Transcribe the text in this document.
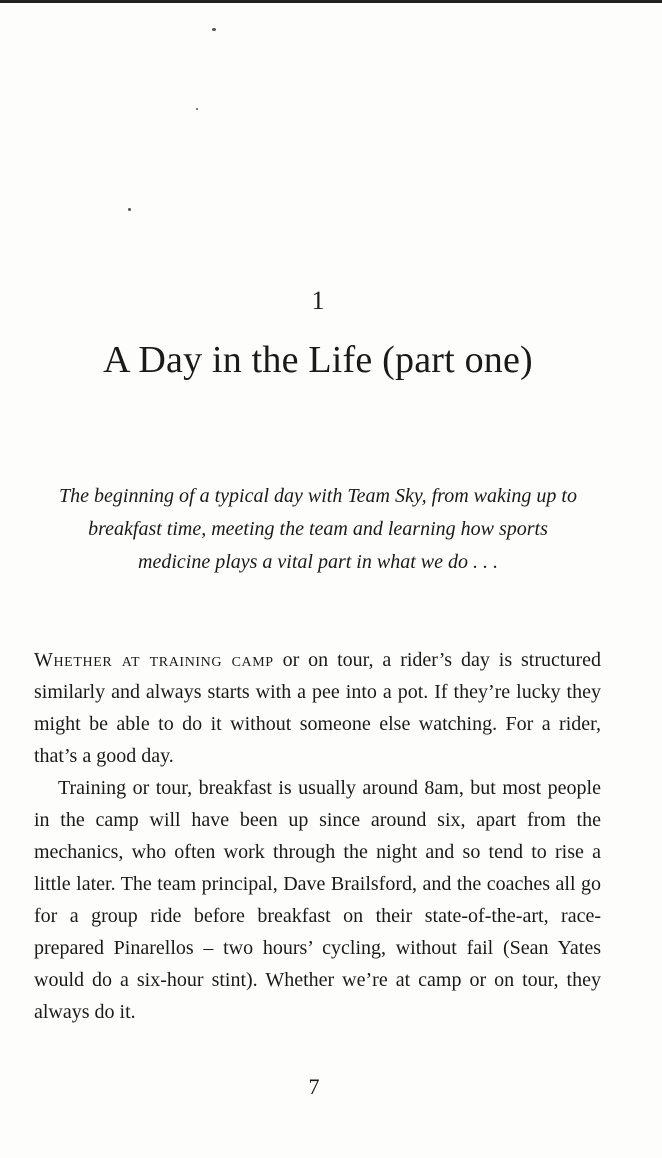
1
A Day in the Life (part one)
The beginning of a typical day with Team Sky, from waking up to breakfast time, meeting the team and learning how sports medicine plays a vital part in what we do . . .

Whether at training camp or on tour, a rider’s day is structured similarly and always starts with a pee into a pot. If they’re lucky they might be able to do it without someone else watching. For a rider, that’s a good day.

Training or tour, breakfast is usually around 8am, but most people in the camp will have been up since around six, apart from the mechanics, who often work through the night and so tend to rise a little later. The team principal, Dave Brailsford, and the coaches all go for a group ride before breakfast on their state-of-the-art, race-prepared Pinarellos – two hours’ cycling, without fail (Sean Yates would do a six-hour stint). Whether we’re at camp or on tour, they always do it.

7
